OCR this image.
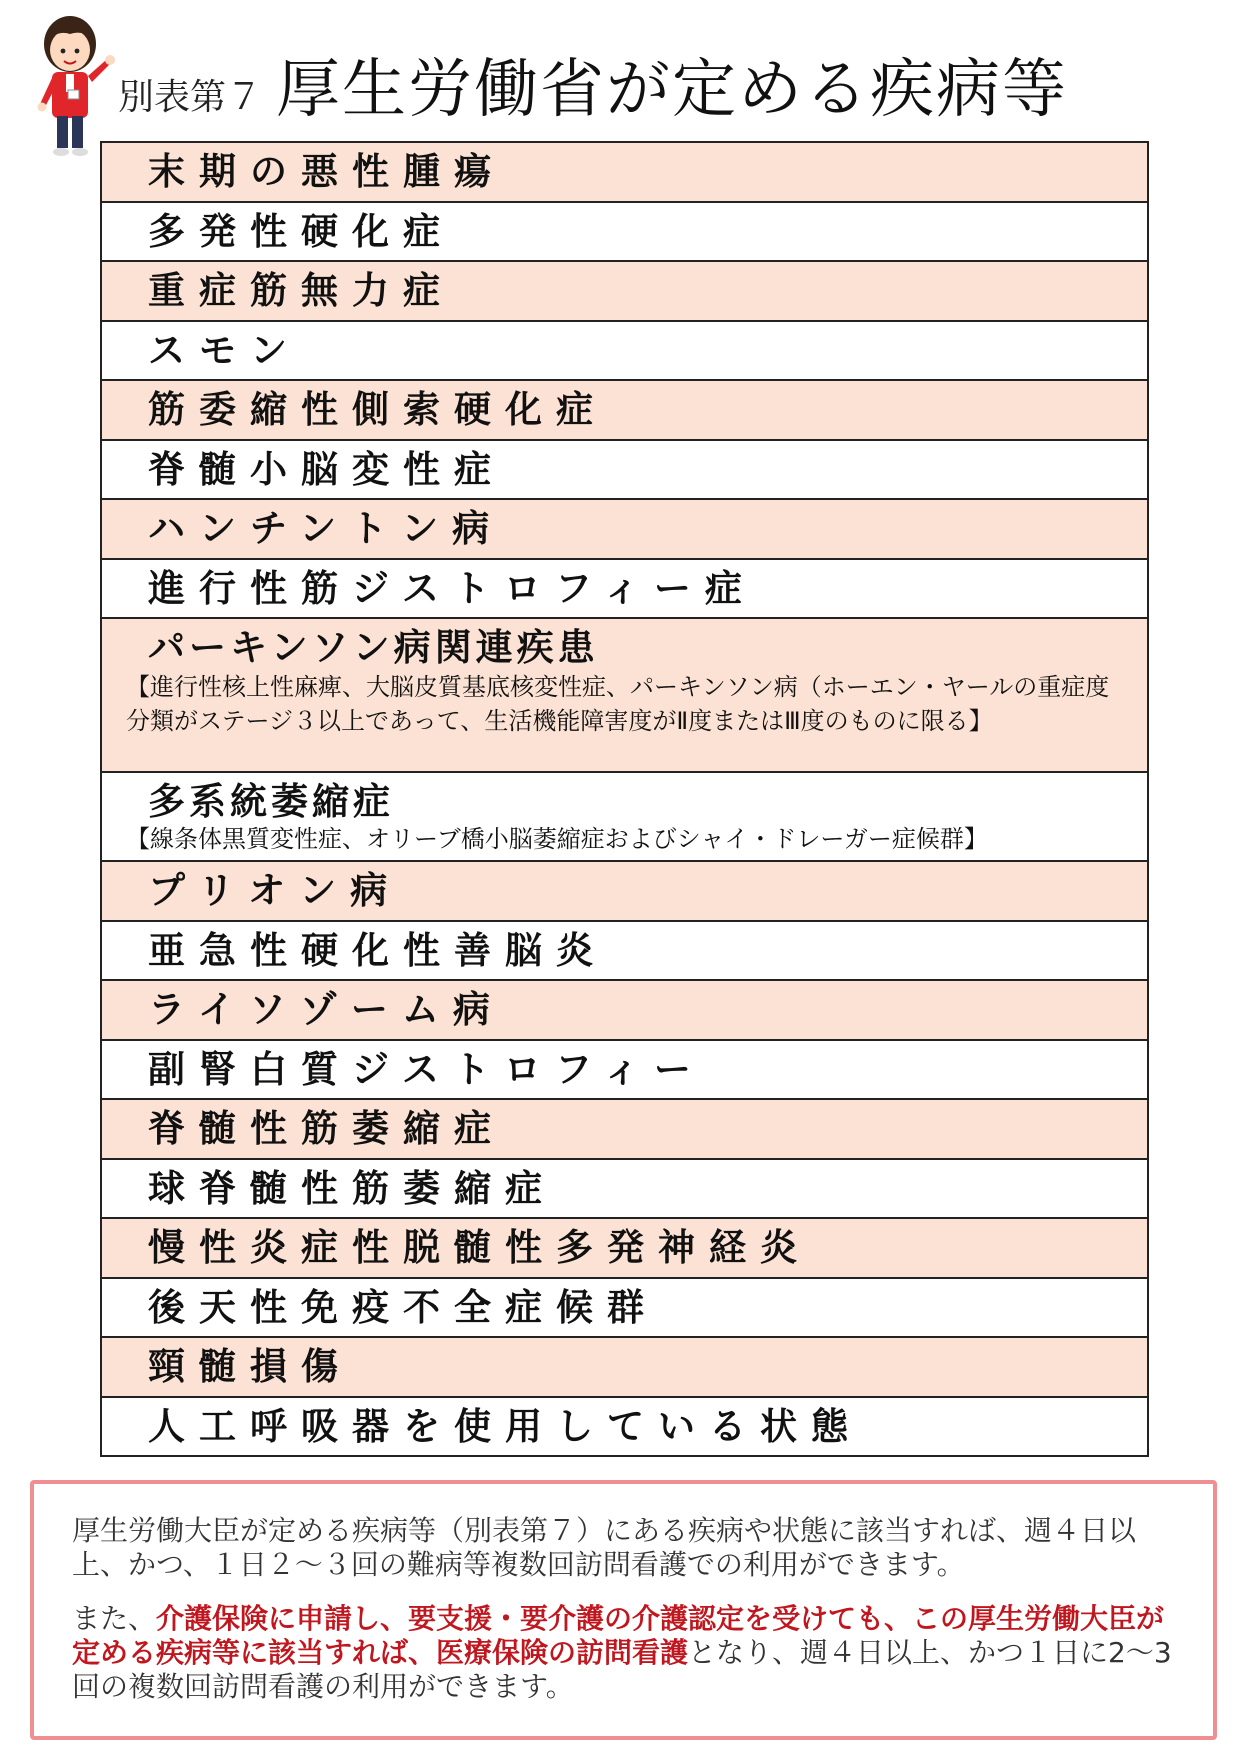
別表第７ 厚生労働省が定める疾病等
末期の悪性腫瘍
多発性硬化症
重症筋無力症
スモン
筋委縮性側索硬化症
脊髄小脳変性症
ハンチントン病
進行性筋ジストロフィー症
パーキンソン病関連疾患
【進行性核上性麻痺、大脳皮質基底核変性症、パーキンソン病（ホーエン・ヤールの重症度分類がステージ３以上であって、生活機能障害度がⅡ度またはⅢ度のものに限る】
多系統萎縮症
【線条体黒質変性症、オリーブ橋小脳萎縮症およびシャイ・ドレーガー症候群】
プリオン病
亜急性硬化性善脳炎
ライソゾーム病
副腎白質ジストロフィー
脊髄性筋萎縮症
球脊髄性筋萎縮症
慢性炎症性脱髄性多発神経炎
後天性免疫不全症候群
頸髄損傷
人工呼吸器を使用している状態

厚生労働大臣が定める疾病等（別表第７）にある疾病や状態に該当すれば、週４日以上、かつ、１日２～３回の難病等複数回訪問看護での利用ができます。

また、介護保険に申請し、要支援・要介護の介護認定を受けても、この厚生労働大臣が定める疾病等に該当すれば、医療保険の訪問看護となり、週４日以上、かつ１日に2～3 回の複数回訪問看護の利用ができます。
